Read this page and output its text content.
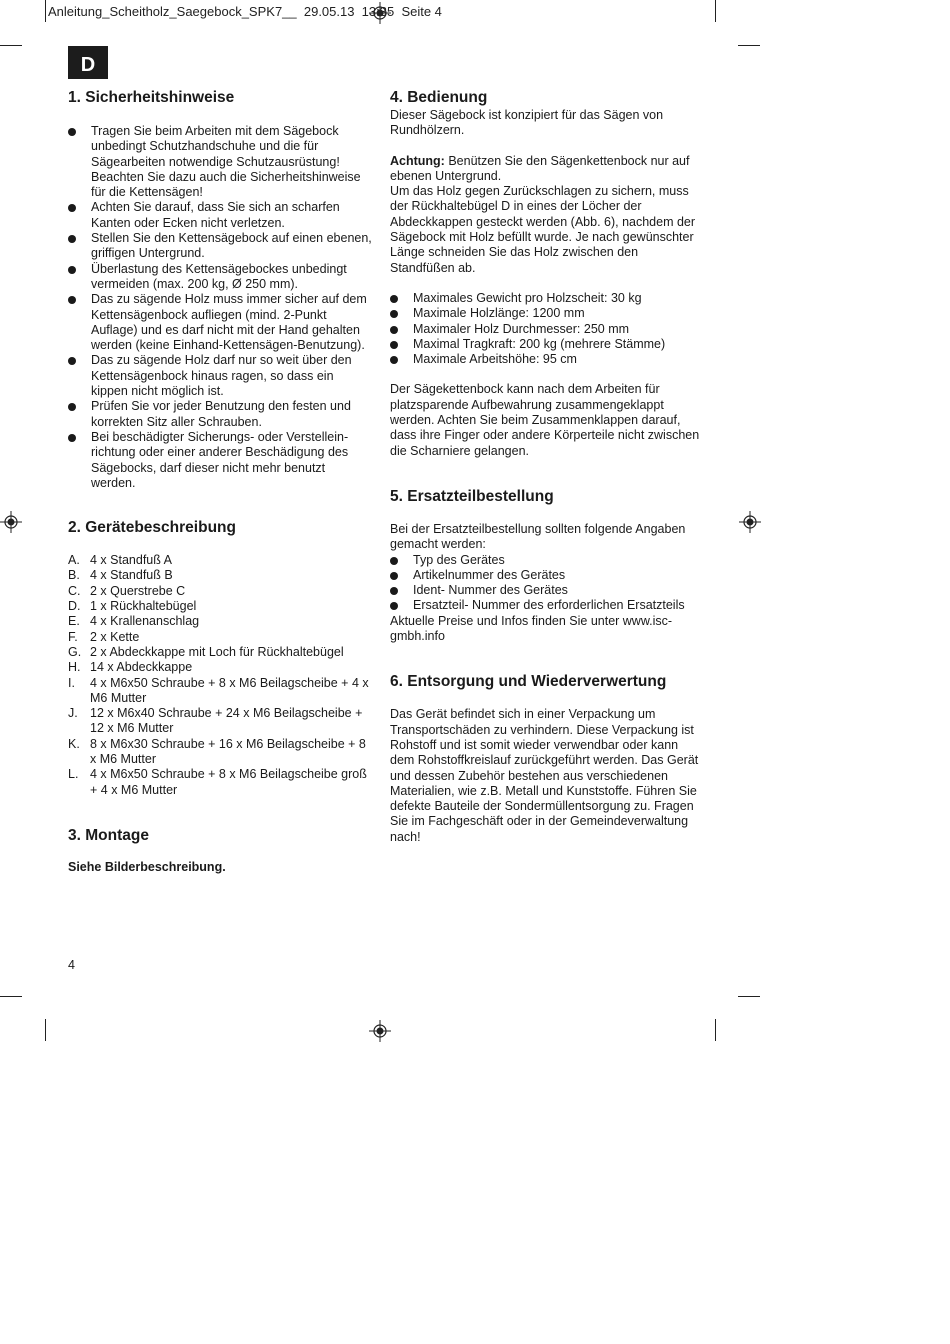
Anleitung_Scheitholz_Saegebock_SPK7__  29.05.13  13:35  Seite 4
D
1. Sicherheitshinweise
Tragen Sie beim Arbeiten mit dem Sägebock unbedingt Schutzhandschuhe und die für Sägearbeiten notwendige Schutzausrüstung! Beachten Sie dazu auch die Sicherheitshinweise für die Kettensägen!
Achten Sie darauf, dass Sie sich an scharfen Kanten oder Ecken nicht verletzen.
Stellen Sie den Kettensägebock auf einen ebenen, griffigen Untergrund.
Überlastung des Kettensägebockes unbedingt vermeiden (max. 200 kg, Ø 250 mm).
Das zu sägende Holz muss immer sicher auf dem Kettensägenbock aufliegen (mind. 2-Punkt Auflage) und es darf nicht mit der Hand gehalten werden (keine Einhand-Kettensägen-Benutzung).
Das zu sägende Holz darf nur so weit über den Kettensägenbock hinaus ragen, so dass ein kippen nicht möglich ist.
Prüfen Sie vor jeder Benutzung den festen und korrekten Sitz aller Schrauben.
Bei beschädigter Sicherungs- oder Verstelleinrichtung oder einer anderer Beschädigung des Sägebocks, darf dieser nicht mehr benutzt werden.
2. Gerätebeschreibung
A. 4 x Standfuß A
B. 4 x Standfuß B
C. 2 x Querstrebe C
D. 1 x Rückhaltebügel
E. 4 x Krallenanschlag
F. 2 x Kette
G. 2 x Abdeckkappe mit Loch für Rückhaltebügel
H. 14 x Abdeckkappe
I. 4 x M6x50 Schraube + 8 x M6 Beilagscheibe + 4 x M6 Mutter
J. 12 x M6x40 Schraube + 24 x M6 Beilagscheibe + 12 x M6 Mutter
K. 8 x M6x30 Schraube + 16 x M6 Beilagscheibe + 8 x M6 Mutter
L. 4 x M6x50 Schraube + 8 x M6 Beilagscheibe groß + 4 x M6 Mutter
3. Montage

Siehe Bilderbeschreibung.

4. Bedienung

Dieser Sägebock ist konzipiert für das Sägen von Rundhölzern.

Achtung: Benützen Sie den Sägenkettenbock nur auf ebenen Untergrund.

Um das Holz gegen Zurückschlagen zu sichern, muss der Rückhaltebügel D in eines der Löcher der Abdeckkappen gesteckt werden (Abb. 6), nachdem der Sägebock mit Holz befüllt wurde. Je nach gewünschter Länge schneiden Sie das Holz zwischen den Standfüßen ab.

Maximales Gewicht pro Holzscheit: 30 kg
Maximale Holzlänge: 1200 mm
Maximaler Holz Durchmesser: 250 mm
Maximal Tragkraft: 200 kg (mehrere Stämme)
Maximale Arbeitshöhe: 95 cm

Der Sägekettenbock kann nach dem Arbeiten für platzsparende Aufbewahrung zusammengeklappt werden. Achten Sie beim Zusammenklappen darauf, dass ihre Finger oder andere Körperteile nicht zwischen die Scharniere gelangen.

5. Ersatzteilbestellung

Bei der Ersatzteilbestellung sollten folgende Angaben gemacht werden:

Typ des Gerätes
Artikelnummer des Gerätes
Ident- Nummer des Gerätes
Ersatzteil- Nummer des erforderlichen Ersatzteils

Aktuelle Preise und Infos finden Sie unter www.isc-gmbh.info

6. Entsorgung und Wiederverwertung

Das Gerät befindet sich in einer Verpackung um Transportschäden zu verhindern. Diese Verpackung ist Rohstoff und ist somit wieder verwendbar oder kann dem Rohstoffkreislauf zurückgeführt werden. Das Gerät und dessen Zubehör bestehen aus verschiedenen Materialien, wie z.B. Metall und Kunststoffe. Führen Sie defekte Bauteile der Sondermüllentsorgung zu. Fragen Sie im Fachgeschäft oder in der Gemeindeverwaltung nach!

4
